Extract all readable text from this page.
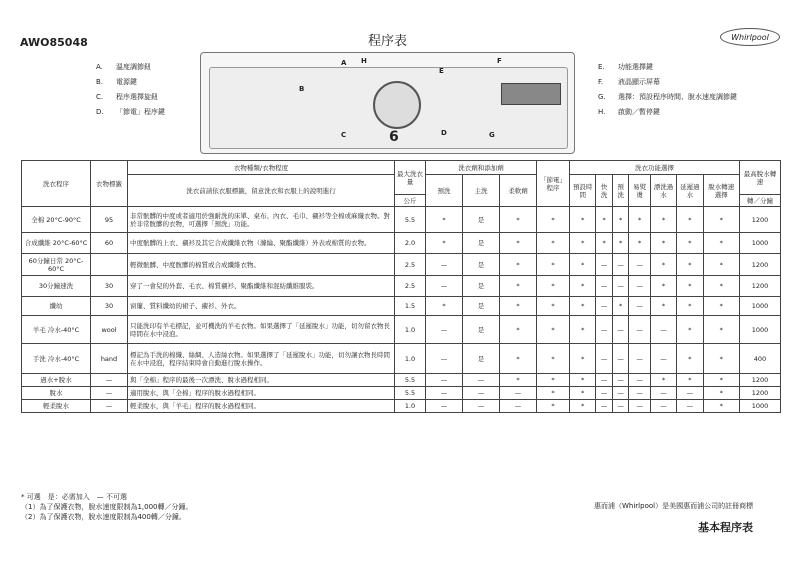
AWO85048	程序表	Whirlpool
A. 溫度調節鈕
B. 電源鍵
C. 程序選擇旋鈕
D. 「節電」程序鍵
E. 功能選擇鍵
F. 液晶顯示屏幕
G. 選擇：預設程序時間、脫水速度調節鍵
H. 啟動／暫停鍵
6
A
B
C	D
E
F
G
H
洗衣程序	衣物標籤	衣物種類/衣物程度	最大洗衣量	洗衣劑和添加劑			「節電」程序	洗衣功能選擇							最高脫水轉速
		洗衣前請依衣服標籤，留意洗衣和衣服上的說明進行		預洗	主洗	柔軟劑		預設時間	快洗	預洗	易熨燙	漂洗過水	延遲過水	脫水轉速選擇	
			公斤												轉／分鐘
全棉 20°C-90°C	95	非常骯髒的中度或者適用於強耐洗的床單、桌布、內衣、毛巾、襯衫等全棉或麻織衣物。對於非常骯髒的衣物，可選擇「預洗」功能。	5.5	*	是	*	*	*	*	*	*	*	*	*	1200
合成纖維 20°C-60°C	60	中度骯髒的上衣、襯衫及其它合成纖維衣物（滌綸、聚酯纖維）外表或棉質的衣物。	2.0	*	是	*	*	*	*	*	*	*	*	*	1000
60分鐘日常 20°C-60°C		輕微骯髒、中度骯髒的棉質或合成纖維衣物。	2.5	—	是	*	*	*	—	—	—	*	*	*	1200
30分鐘速洗	30	穿了一會兒的外套、毛衣、棉質襯衫、聚酯纖維和混紡纖維服裝。	2.5	—	是	*	*	*	—	—	—	*	*	*	1200
纖幼	30	窗簾、質料纖幼的裙子、襯衫、外衣。	1.5	*	是	*	*	*	—	*	—	*	*	*	1000
羊毛 冷水-40°C	wool	只能洗印有羊毛標記，並可機洗的羊毛衣物。如果選擇了「延遲脫水」功能，切勿留衣物長時間在水中浸泡。	1.0	—	是	*	*	*	—	—	—	—	*	*	1000
手洗 冷水-40°C	hand	標記為手洗的棉織、絲綢、人造絲衣物。如果選擇了「延遲脫水」功能，切勿讓衣物長時間在水中浸泡，程序結束時會自動進行脫水操作。	1.0	—	是	*	*	*	—	—	—	—	*	*	400
過水+脫水	—	與「全棉」程序的最後一次漂洗、脫水過程相同。	5.5	—	—	*	*	*	—	—	—	*	*	*	1200
脫水	—	適用脫水，與「全棉」程序的脫水過程相同。	5.5	—	—	—	*	*	—	—	—	—	—	*	1200
輕柔脫水	—	輕柔脫水，與「羊毛」程序的脫水過程相同。	1.0	—	—	—	*	*	—	—	—	—	—	*	1000
* 可選　是：必需加入　— 不可選
（1）為了保護衣物，脫水速度限制為1,000轉／分鐘。
（2）為了保護衣物，脫水速度限制為400轉／分鐘。
惠而浦（Whirlpool）是美國惠而浦公司的註冊商標
基本程序表
